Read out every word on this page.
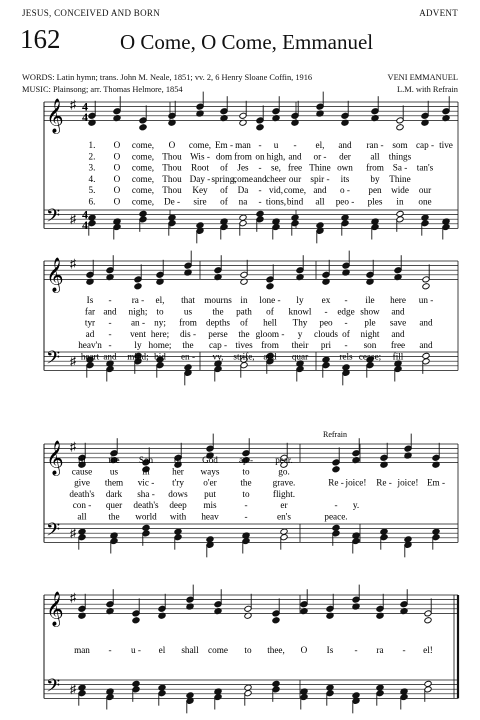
JESUS, CONCEIVED AND BORN	ADVENT
162	O Come, O Come, Emmanuel
WORDS: Latin hymn; trans. John M. Neale, 1851; vv. 2, 6 Henry Sloane Coffin, 1916
MUSIC: Plainsong; arr. Thomas Helmore, 1854
VENI EMMANUEL
L.M. with Refrain
𝄞 ♯ 4
4
𝄢 ♯ 4
4
1. O come, O come, Em - man - u - el, and ran - som cap - tive
2. O come, Thou Wis - dom from on high, and or - der all things
3. O come, Thou Root of Jes - se, free Thine own from Sa - tan's
4. O come, Thou Day - spring,
come and cheer our spir - its by Thine
5. O come, Thou Key of Da - vid, come, and o - pen wide our
6. O come, De - sire of na - tions, bind all peo - ples in one
𝄞 ♯
𝄢 ♯
Is - ra - el, that mourns in lone - ly ex - ile here un -
far and nigh; to us the path of knowl - edge show and
tyr - an - ny; from depths of hell Thy peo - ple save and
ad - vent here; dis - perse the gloom - y clouds of night and
heav'n - ly home; the cap - tives from their pri - son free and
heart and mind; bid en - vy, strife, and quar - rels cease; fill
𝄞 ♯
𝄢 ♯
til the Son of God ap - pear.
cause us	in her ways to	go.
give them vic - t'ry o'er	the grave.	Re - joice! Re - joice! Em -
death's dark sha - dows put	to	flight.
con - quer death's deep mis	-	er	- y.
all the world with heav	-	en's	peace.
𝄞 ♯
𝄢 ♯
man - u - el shall come to thee, O Is - ra - el!
Refrain
